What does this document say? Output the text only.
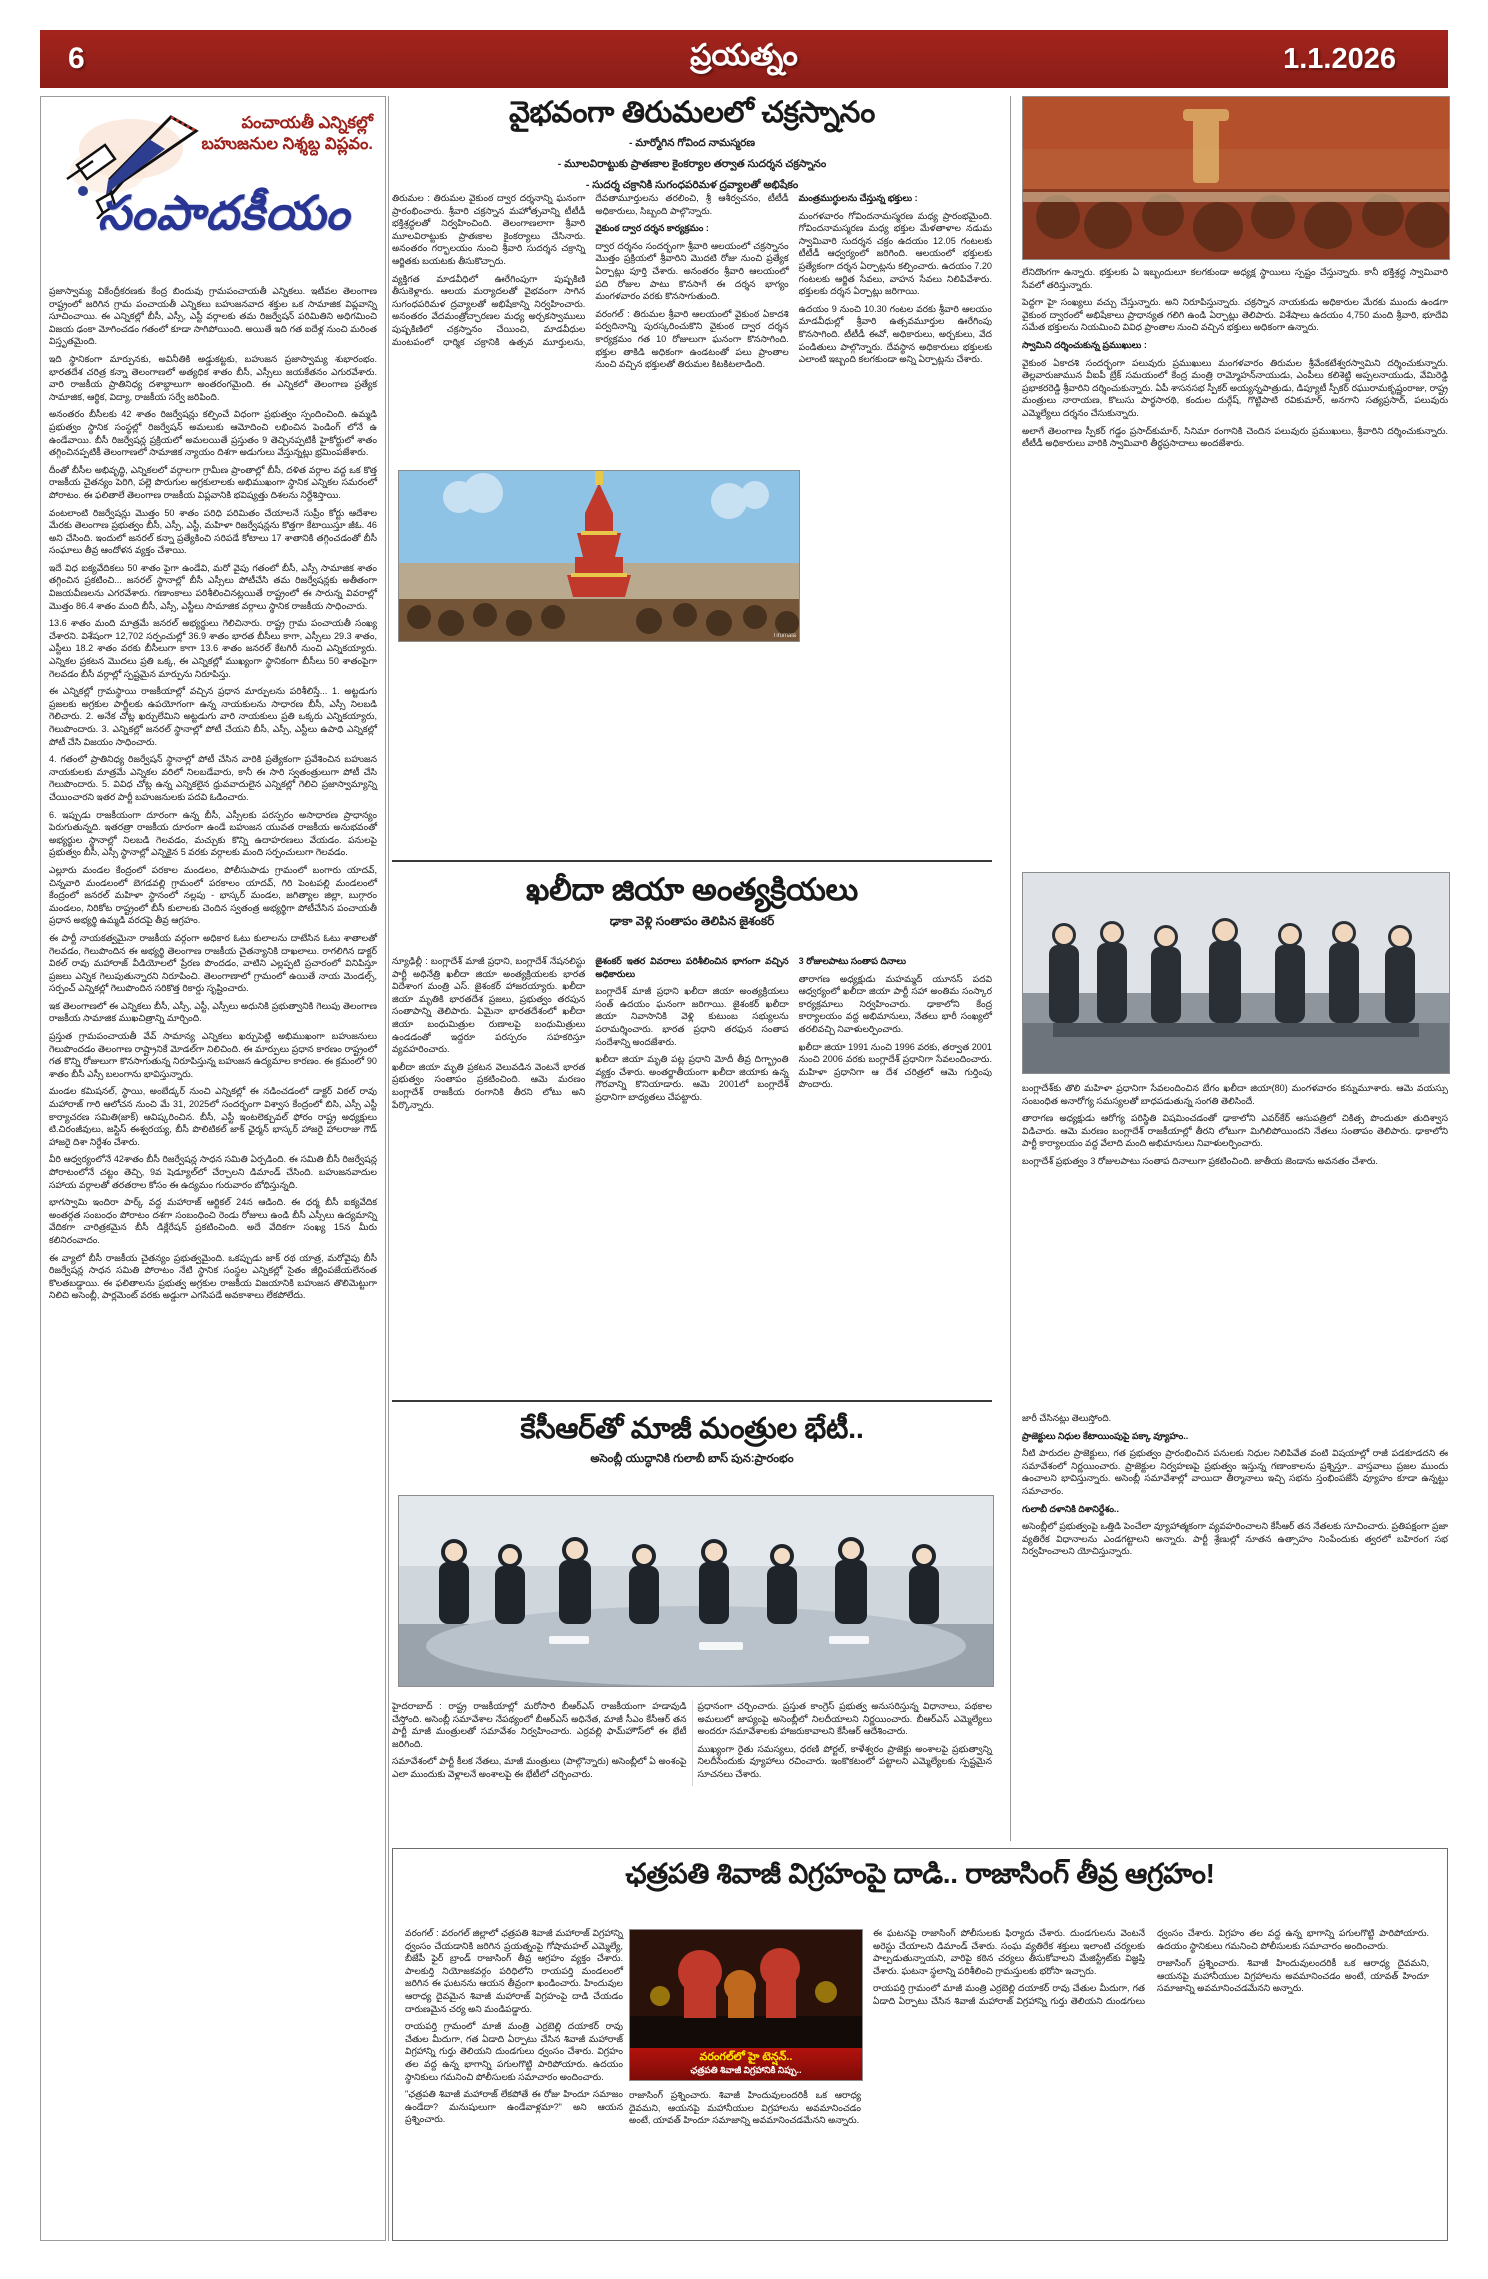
6	ప్రయత్నం	1.1.2026
పంచాయతీ ఎన్నికల్లో
బహుజనుల నిశ్శబ్ద విప్లవం.
సంపాదకీయం

ప్రజాస్వామ్య వికేంద్రీకరణకు కేంద్ర బిందువు గ్రామపంచాయతీ ఎన్నికలు. ఇటీవల తెలంగాణ రాష్ట్రంలో జరిగిన గ్రామ పంచాయతీ ఎన్నికలు బహుజనవాద శక్తుల ఒక సామాజిక విప్లవాన్ని సూచించాయి. ఈ ఎన్నికల్లో బీసీ, ఎస్సీ, ఎస్టీ వర్గాలకు తమ రిజర్వేషన్ పరిమితిని అధిగమించి విజయ ఢంకా మోగించడం గతంలో కూడా సాగిపోయింది. అయితే ఇది గత ఐదేళ్ల నుంచి మరింత విస్తృతమైంది.

ఇది స్థానికంగా మార్పునకు, అవినీతికి అడ్డుకట్టకు, బహుజన ప్రజాస్వామ్య శుభారంభం. భారతదేశ చరిత్ర కన్నా తెలంగాణలో అత్యధిక శాతం బీసీ, ఎస్సీలు జయకేతనం ఎగురవేశారు. వారి రాజకీయ ప్రాతినిధ్య దశాబ్దాలుగా అంతరంగమైంది. ఈ ఎన్నికలో తెలంగాణ ప్రత్యేక సామాజిక, ఆర్థిక, విద్యా, రాజకీయ సర్వే జరిపింది.

అనంతరం బీసీలకు 42 శాతం రిజర్వేషన్లు కల్పించే విధంగా ప్రభుత్వం స్పందించింది. ఉమ్మడి ప్రభుత్వం స్థానిక సంస్థల్లో రిజర్వేషన్ అమలుకు ఆమోదించి లభించిన పెండింగ్ లోనే ఉ ఉండేవాయి. బీసీ రిజర్వేషన్ల ప్రక్రియలో అమలయితే ప్రస్తుతం 9 తెచ్చినప్పటికీ హైకోర్టులో శాతం తగ్గించినప్పటికీ తెలంగాణలో సామాజిక న్యాయం దిశగా అడుగులు వేస్తున్నట్లు భ్రమింపజేశారు.

దీంతో బీసీల అభివృద్ధి, ఎన్నికలలో వర్గాలగా గ్రామీణ ప్రాంతాల్లో బీసీ, దళిత వర్గాల వద్ద ఒక కొత్త రాజకీయ చైతన్యం పెరిగి, పల్లె పొరుగుల అగ్రకులాలకు అభిముఖంగా స్థానిక ఎన్నికల సమరంలో పోరాటం. ఈ ఫలితాలే తెలంగాణ రాజకీయ విప్లవానికి భవిష్యత్తు దిశలను నిర్దేశిస్తాయి.

వంటలాంటి రిజర్వేషన్లు మొత్తం 50 శాతం పరిధి పరిమితం చేయాలనే సుప్రీం కోర్టు ఆదేశాల మేరకు తెలంగాణ ప్రభుత్వం బీసీ, ఎస్సీ, ఎస్టీ, మహిళా రిజర్వేషన్లను కొత్తగా కేటాయిస్తూ జీఓ. 46 అని చేసింది. ఇందులో జనరల్ కన్నా ప్రత్యేకించి సరిపడే కోటాలు 17 శాతానికి తగ్గించడంతో బీసీ సంఘాలు తీవ్ర ఆందోళన వ్యక్తం చేశాయి.

ఇదే విధ ఐక్యవేదికలు 50 శాతం పైగా ఉండేవి, మరో వైపు గతంలో బీసీ, ఎస్సీ సామాజిక శాతం తగ్గించిన ప్రకటించి... జనరల్ స్థానాల్లో బీసీ ఎస్సీలు పోటీచేసి తమ రిజర్వేషన్లకు అతీతంగా విజయవీణలను ఎగరవేశారు. గణాంకాలు పరిశీలించినట్లయితే రాష్ట్రంలో ఈ సారున్న వివరాల్లో మొత్తం 86.4 శాతం మంది బీసీ, ఎస్సీ, ఎస్టీలు సామాజిక వర్గాలు స్థానిక రాజకీయ సాధించారు.

13.6 శాతం మంది మాత్రమే జనరల్ అభ్యర్థులు గెలిచినారు. రాష్ట్ర గ్రామ పంచాయతీ సంఖ్య చేశారని. విశేషంగా 12,702 సర్పంచుల్లో 36.9 శాతం భారత బీసీలు కాగా, ఎస్సీలు 29.3 శాతం, ఎస్టీలు 18.2 శాతం వరకు బీసీలుగా కాగా 13.6 శాతం జనరల్ కేటగిరీ నుంచి ఎన్నికయ్యారు. ఎన్నికల ప్రకటన మొదలు ప్రతి ఒక్క, ఈ ఎన్నికల్లో ముఖ్యంగా స్థానికంగా బీసీలు 50 శాతంపైగా గెలవడం బీసీ వర్గాల్లో స్పష్టమైన మార్పును నిరూపిస్తు.

ఈ ఎన్నికల్లో గ్రామస్థాయి రాజకీయాల్లో వచ్చిన ప్రధాన మార్పులను పరిశీలిస్తే... 1. అట్టడుగు ప్రజలకు అగ్రకుల పార్టీలకు ఉపయోగంగా ఉన్న నాయకులను సాధారణ బీసీ, ఎస్సీ నిలబడి గెలిచారు. 2. అనేక చోట్ల ఖర్చులేమిని అట్టడుగు వారి నాయకులు ప్రతి ఒక్కరు ఎన్నికయ్యారు, గెలుపొందారు. 3. ఎన్నికల్లో జనరల్ స్థానాల్లో పోటీ చేయని బీసీ, ఎస్సీ, ఎస్టీలు ఉపాధి ఎన్నికల్లో పోటీ చేసి విజయం సాధించారు.

4. గతంలో ప్రాతినిధ్య రిజర్వేషన్ స్థానాల్లో పోటీ చేసిన వారికి ప్రత్యేకంగా ప్రవేశించిన బహుజన నాయకులకు మాత్రమే ఎన్నికల వరిలో నిలబడేవారు, కానీ ఈ సారి స్వతంత్రులుగా పోటీ చేసి గెలుపొందారు. 5. వివిధ చోట్ల ఉన్న ఎన్నికలైన ధ్రువవాదులైన ఎన్నికల్లో గెలిచి ప్రజాస్వామ్యాన్ని చేయించారని ఇతర పార్టీ బహుజనులకు పదవి ఓడించారు.

6. ఇప్పుడు రాజకీయంగా దూరంగా ఉన్న బీసీ, ఎస్సీలకు పరస్పరం అసాధారణ ప్రాధాన్యం పెరుగుతున్నది. ఇతరత్రా రాజకీయ దూరంగా ఉండే బహుజన యువత రాజకీయ అనుభవంతో అభ్యర్థుల స్థానాల్లో నిలబడి గెలవడం, మచ్చుకు కొన్ని ఉదాహరణలు వేయడం. పనులపై ప్రభుత్వం బీసీ, ఎస్సీ స్థానాల్లో ఎన్నికైన 5 వరకు వర్గాలకు మంది సర్పంచులుగా గెలవడం.

ఎల్లూరు మండల కేంద్రంలో పరకాల మండలం, పోలీసుపాడు గ్రామంలో బంగారు యాదవ్, చిన్నవారి మండలంలో బెగడవల్లి గ్రామంలో పరకాలం యాదవ్, గిరి పెంటపల్లి మండలంలో కేంద్రంలో జనరల్ మహిళా స్థానంలో నల్లపు - భాస్కర్ మండల, జగిత్యాల జిల్లా, బుగ్గారం మండలం, నిరికోట రాష్ట్రంలో బీసీ కులాలకు చెందిన స్వతంత్ర అభ్యర్థిగా పోటీచేసిన పంచాయతీ ప్రధాన అభ్యర్థి ఉమ్మడి వరదపై తీవ్ర ఆగ్రహం.

ఈ పార్టీ నాయకత్వమైనా రాజకీయ వర్గంగా అధికార ఓటు కులాలను దాటేసిన ఓటు శాతాలతో గెలవడం, గెలుపొందిన ఈ అభ్యర్థి తెలంగాణ రాజకీయ చైతన్యానికి దాఖలాలు. రాగలిగిన డాక్టర్ విఠల్ రావు మహారాజ్ వీడియోలలో ప్రేరణ పొందడం, వాటిని ఎల్లప్పటి ప్రచారంలో వినిపిస్తూ ప్రజలు ఎన్నిక గెలుపుతున్నారని నిరూపించి. తెలంగాణాలో గ్రామంలో ఉయితే నాయ మెండల్స్, సర్పంచ్ ఎన్నికల్లో గెలుపొందిన సరికొత్త రికార్డు సృష్టించారు.

ఇక తెలంగాణలో ఈ ఎన్నికలు బీసీ, ఎస్సీ, ఎస్టీ, ఎస్సీలు అధునికి ప్రభుత్వానికి గెలుపు తెలంగాణ రాజకీయ సామాజిక ముఖచిత్రాన్ని మార్చింది.

ప్రస్తుత గ్రామపంచాయతీ వేవ్ సామాన్య ఎన్నికలు ఖర్చుపెట్టి అభిముఖంగా బహుజనులు గెలుపొందడం తెలంగాణ రాష్ట్రానికే మోడల్‌గా నిలిచింది. ఈ మార్పులు ప్రధాన కారణం రాష్ట్రంలో గత కొన్ని రోజులుగా కొనసాగుతున్న నిరూపిస్తున్న బహుజన ఉద్యమాల కారణం. ఈ క్రమంలో 90 శాతం బీసీ ఎస్సీ బలంగాను భావిస్తున్నారు.

మండల కమిషనల్, స్థాయి, అంబేడ్కర్ నుంచి ఎన్నికల్లో ఈ నడించడంలో డాక్టర్ విఠల్ రావు మహారాజ్ గారి ఆలోచన నుంచి మే 31, 2025లో సందర్భంగా విశ్వాస కేంద్రంలో బిసి, ఎస్సీ ఎస్టీ కార్యాచరణ సమితి(జాక్) ఆవిష్కరించిన. బీసీ, ఎస్టీ ఇంటలెక్చువల్ ఫోరం రాష్ట్ర అధ్యక్షులు టి.చిరంజీవులు, జస్టిస్ ఈశ్వరయ్య, బీసీ పొలిటికల్ జాక్ ఛైర్మన్ భాస్కర్ హాజరై హాలరాజు గౌడ్ హాజరై దిశా నిర్దేశం చేశారు.

వీరి ఆధ్వర్యంలోనే 42శాతం బీసీ రిజర్వేషన్ల సాధన సమితి ఏర్పడింది. ఈ సమితి బీసీ రిజర్వేషన్ల పోరాటంలోనే చట్టం తెచ్చి, 9వ షెడ్యూల్‌లో చేర్చాలని డిమాండ్ చేసింది. బహుజనవాదుల సహాయ వర్గాలతో తరతరాల కోసం ఈ ఉద్యమం గురువారం బోధిస్తున్నది.

భాగస్వామి ఇందిరా పార్క్ వద్ద మహారాజ్ ఆర్టికల్ 24న ఆడింది. ఈ ధర్మ బీసీ ఐక్యవేదిక అంతర్గత సంబంధం పోరాటం దశగా సంబంధించి రెండు రోజులు ఉండి బీసీ ఎస్సీలు ఉద్యమాన్ని వేదికగా చారిత్రకమైన బీసీ డిక్లేరేషన్ ప్రకటించింది. అదే వేదికగా సంఖ్య 15న మీరు కలినిరంవాదం.

ఈ వ్యాలో బీసీ రాజకీయ చైతన్యం ప్రభుత్వమైంది. ఒకప్పుడు జాక్ రథ యాత్ర, మరోవైపు బీసీ రిజర్వేషన్ల సాధన సమితి పోరాటం నేటి స్థానిక సంస్థల ఎన్నికల్లో సైతం జీర్ణింపజేయలేనంత కొలతబడ్డాయి. ఈ ఫలితాలను ప్రభుత్వ అగ్రకుల రాజకీయ విజయానికి బహుజన తొలిమెట్టుగా నిలిచి అసెంబ్లీ, పార్లమెంట్ వరకు అడ్డుగా ఎగసిపడే అవకాశాలు లేకపోలేదు.

వైభవంగా తిరుమలలో చక్రస్నానం
- మార్మోగిన గోవింద నామస్మరణ
- మూలవిరాట్టుకు ప్రాతఃకాల కైంకర్యాల తర్వాత సుదర్శన చక్రస్నానం
- సుదర్శ చక్రానికి సుగంధపరిమళ ద్రవ్యాలతో అభిషేకం

తిరుమల : తిరుమల వైకుంఠ ద్వార దర్శనాన్ని ఘనంగా ప్రారంభించారు. శ్రీవారి చక్రస్నాన మహోత్సవాన్ని టీటీడీ భక్తిశ్రద్ధలతో నిర్వహించింది. తెలంగాణలాగా శ్రీవారి మూలవిరాట్టుకు ప్రాతఃకాల కైంకర్యాలు చేసినారు. అనంతరం గర్భాలయం నుంచి శ్రీవారి సుదర్శన చక్రాన్ని ఆర్జితకు బయటకు తీసుకొచ్చారు.

వ్యక్తిగత మాడవీధిలో ఊరేగింపుగా పుష్పకిణి తీసుకెళ్లారు. ఆలయ మర్యాదలతో వైభవంగా సాగిన సుగంధపరిమళ ద్రవ్యాలతో అభిషేకాన్ని నిర్వహించారు. అనంతరం వేదమంత్రోచ్ఛారణల మధ్య అర్చకస్వాములు పుష్పకిణిలో చక్రస్నానం చేయించి, మాడవీధుల మంటపంలో ధార్మిక చక్రానికి ఉత్సవ మూర్తులను, దేవతామూర్తులను తరలించి, శ్రీ ఆశీర్వచనం, టీటీడీ అధికారులు, సిబ్బంది పాల్గొన్నారు.

వైకుంఠ ద్వార దర్శన కార్యక్రమం :

ద్వార దర్శనం సందర్భంగా శ్రీవారి ఆలయంలో చక్రస్నానం మొత్తం ప్రక్రియలో శ్రీవారిని మొదటి రోజు నుంచి ప్రత్యేక ఏర్పాట్లు పూర్తి చేశారు. అనంతరం శ్రీవారి ఆలయంలో పది రోజుల పాటు కొనసాగే ఈ దర్శన భాగ్యం మంగళవారం వరకు కొనసాగుతుంది.

వరంగల్ : తిరుమల శ్రీవారి ఆలయంలో వైకుంఠ ఏకాదశి పర్వదినాన్ని పురస్కరించుకొని వైకుంఠ ద్వార దర్శన కార్యక్రమం గత 10 రోజులుగా ఘనంగా కొనసాగింది. భక్తుల తాకిడి అధికంగా ఉండటంతో పలు ప్రాంతాల నుంచి వచ్చిన భక్తులతో తిరుమల కిటకిటలాడింది.

మంత్రముగ్ధులను చేస్తున్న భక్తులు :

మంగళవారం గోవిందనామస్మరణ మధ్య ప్రారంభమైంది. గోవిందనామస్మరణ మధ్య భక్తుల మేళతాళాల నడుమ స్వామివారి సుదర్శన చక్రం ఉదయం 12.05 గంటలకు టీటీడీ ఆధ్వర్యంలో జరిగింది. ఆలయంలో భక్తులకు ప్రత్యేకంగా దర్శన ఏర్పాట్లను కల్పించారు. ఉదయం 7.20 గంటలకు ఆర్జిత సేవలు, వాహన సేవలు నిలిపివేశారు. భక్తులకు దర్శన ఏర్పాట్లు జరిగాయి.

ఉదయం 9 నుంచి 10.30 గంటల వరకు శ్రీవారి ఆలయం మాడవీధుల్లో శ్రీవారి ఉత్సవమూర్తుల ఊరేగింపు కొనసాగింది. టీటీడీ ఈవో, అధికారులు, అర్చకులు, వేద పండితులు పాల్గొన్నారు. దేవస్థాన అధికారులు భక్తులకు ఎలాంటి ఇబ్బంది కలగకుండా అన్ని ఏర్పాట్లను చేశారు.

లేనిదొంగగా ఉన్నారు. భక్తులకు ఏ ఇబ్బందులూ కలగకుండా అధ్యక్ష స్థాయిలు స్పష్టం చేస్తున్నారు. కానీ భక్తిశ్రద్ధ స్వామివారి సేవలో తరిస్తున్నారు.

పెద్దగా హై సంఖ్యలు వచ్చు చేస్తున్నారు. అని నిరూపిస్తున్నారు. చక్రస్నాన నాయకుడు అధికారుల మేరకు ముందు ఉండగా వైకుంఠ ద్వారంలో అభిషేకాలు ప్రాధాన్యత గలిగి ఉండి ఏర్పాట్లు తెలిపారు. విశేషాలు ఉదయం 4,750 మంది శ్రీవారి, భూదేవి సమేత భక్తులను నియమించి వివిధ ప్రాంతాల నుంచి వచ్చిన భక్తులు అధికంగా ఉన్నారు.

స్వామిని దర్శించుకున్న ప్రముఖులు :

వైకుంఠ ఏకాదశి సందర్భంగా పలువురు ప్రముఖులు మంగళవారం తిరుమల శ్రీవేంకటేశ్వరస్వామిని దర్శించుకున్నారు. తెల్లవారుజామున వీఐపీ బ్రేక్ సమయంలో కేంద్ర మంత్రి రామ్మోహన్‌నాయుడు, ఎంపీలు కలిశెట్టి అప్పలనాయుడు, వేమిరెడ్డి ప్రభాకరరెడ్డి శ్రీవారిని దర్శించుకున్నారు. ఏపీ శాసనసభ స్పీకర్ అయ్యన్నపాత్రుడు, డిప్యూటీ స్పీకర్ రఘురామకృష్ణంరాజు, రాష్ట్ర మంత్రులు నారాయణ, కొలుసు పార్థసారథి, కందుల దుర్గేష్, గొట్టిపాటి రవికుమార్, అనగాని సత్యప్రసాద్, పలువురు ఎమ్మెల్యేలు దర్శనం చేసుకున్నారు.

అలాగే తెలంగాణ స్పీకర్ గడ్డం ప్రసాద్‌కుమార్, సినిమా రంగానికి చెందిన పలువురు ప్రముఖులు, శ్రీవారిని దర్శించుకున్నారు. టీటీడీ అధికారులు వారికి స్వామివారి తీర్థప్రసాదాలు అందజేశారు.

Tirumala
ఖలీదా జియా అంత్యక్రియలు
ఢాకా వెళ్లి సంతాపం తెలిపిన జైశంకర్

న్యూఢిల్లీ : బంగ్లాదేశ్ మాజీ ప్రధాని, బంగ్లాదేశ్ నేషనలిస్టు పార్టీ అధినేత్రి ఖలీదా జియా అంత్యక్రియలకు భారత విదేశాంగ మంత్రి ఎస్. జైశంకర్ హాజరయ్యారు. ఖలీదా జియా మృతికి భారతదేశ ప్రజలు, ప్రభుత్వం తరపున సంతాపాన్ని తెలిపారు. ఏమైనా భారతదేశంలో ఖలీదా జియా బంధుమిత్రుల రుణాలపై బంధుమిత్రులు ఉండడంతో ఇద్దరూ పరస్పరం సహకరిస్తూ వ్యవహరించారు.

ఖలీదా జియా మృతి ప్రకటన వెలువడిన వెంటనే భారత ప్రభుత్వం సంతాపం ప్రకటించింది. ఆమె మరణం బంగ్లాదేశ్ రాజకీయ రంగానికి తీరని లోటు అని పేర్కొన్నారు.

జైశంకర్ ఇతర వివరాలు పరిశీలించిన భాగంగా వచ్చిన అధికారులు

బంగ్లాదేశ్ మాజీ ప్రధాని ఖలీదా జియా అంత్యక్రియలు సంత్ ఉదయం ఘనంగా జరిగాయి. జైశంకర్ ఖలీదా జియా నివాసానికి వెళ్లి కుటుంబ సభ్యులను పరామర్శించారు. భారత ప్రధాని తరఫున సంతాప సందేశాన్ని అందజేశారు.

ఖలీదా జియా మృతి పట్ల ప్రధాని మోదీ తీవ్ర దిగ్భ్రాంతి వ్యక్తం చేశారు. అంతర్జాతీయంగా ఖలీదా జియాకు ఉన్న గౌరవాన్ని కొనియాడారు. ఆమె 2001లో బంగ్లాదేశ్ ప్రధానిగా బాధ్యతలు చేపట్టారు.

3 రోజులపాటు సంతాప దినాలు

తారాగణ అధ్యక్షుడు మహమ్మద్ యూనస్ పదవి ఆధ్వర్యంలో ఖలీదా జియా పార్టీ సహా అంతిమ సంస్కార కార్యక్రమాలు నిర్వహించారు. ఢాకాలోని కేంద్ర కార్యాలయం వద్ద అభిమానులు, నేతలు భారీ సంఖ్యలో తరలివచ్చి నివాళులర్పించారు.

ఖలీదా జియా 1991 నుంచి 1996 వరకు, తర్వాత 2001 నుంచి 2006 వరకు బంగ్లాదేశ్ ప్రధానిగా సేవలందించారు. మహిళా ప్రధానిగా ఆ దేశ చరిత్రలో ఆమె గుర్తింపు పొందారు.	బంగ్లాదేశ్‌కు తొలి మహిళా ప్రధానిగా సేవలందించిన బేగం ఖలీదా జియా(80) మంగళవారం కన్నుమూశారు. ఆమె వయస్సు సంబంధిత అనారోగ్య సమస్యలతో బాధపడుతున్న సంగతి తెలిసిందే.

తారాగణ అధ్యక్షుడు ఆరోగ్య పరిస్థితి విషమించడంతో ఢాకాలోని ఎవర్‌కేర్ ఆసుపత్రిలో చికిత్స పొందుతూ తుదిశ్వాస విడిచారు. ఆమె మరణం బంగ్లాదేశ్ రాజకీయాల్లో తీరని లోటుగా మిగిలిపోయిందని నేతలు సంతాపం తెలిపారు. ఢాకాలోని పార్టీ కార్యాలయం వద్ద వేలాది మంది అభిమానులు నివాళులర్పించారు.

బంగ్లాదేశ్ ప్రభుత్వం 3 రోజులపాటు సంతాప దినాలుగా ప్రకటించింది. జాతీయ జెండాను అవనతం చేశారు.

కేసీఆర్‌తో మాజీ మంత్రుల భేటీ..
అసెంబ్లీ యుద్ధానికి గులాబీ బాస్ పున:ప్రారంభం

హైదరాబాద్ : రాష్ట్ర రాజకీయాల్లో మరోసారి బీఆర్ఎస్ రాజకీయంగా హడావుడి చేస్తోంది. అసెంబ్లీ సమావేశాల నేపథ్యంలో బీఆర్ఎస్ అధినేత, మాజీ సీఎం కేసీఆర్ తన పార్టీ మాజీ మంత్రులతో సమావేశం నిర్వహించారు. ఎర్రవల్లి ఫామ్‌హౌస్‌లో ఈ భేటీ జరిగింది.

సమావేశంలో పార్టీ కీలక నేతలు, మాజీ మంత్రులు (పాల్గొన్నారు) అసెంబ్లీలో ఏ అంశంపై ఎలా ముందుకు వెళ్లాలనే అంశాలపై ఈ భేటీలో చర్చించారు.

ప్రధానంగా చర్చించారు. ప్రస్తుత కాంగ్రెస్ ప్రభుత్వ అనుసరిస్తున్న విధానాలు, పథకాల అమలులో జాప్యంపై అసెంబ్లీలో నిలదీయాలని నిర్ణయించారు. బీఆర్ఎస్ ఎమ్మెల్యేలు అందరూ సమావేశాలకు హాజరుకావాలని కేసీఆర్ ఆదేశించారు.

ముఖ్యంగా రైతు సమస్యలు, ధరణి పోర్టల్, కాళేశ్వరం ప్రాజెక్టు అంశాలపై ప్రభుత్వాన్ని నిలదీసేందుకు వ్యూహాలు రచించారు. ఇంకొకటంలో పట్టాలని ఎమ్మెల్యేలకు స్పష్టమైన సూచనలు చేశారు.

జారీ చేసినట్లు తెలుస్తోంది.

ప్రాజెక్టులు నిధుల కేటాయింపుపై పక్కా వ్యూహం..

నీటి పారుదల ప్రాజెక్టులు, గత ప్రభుత్వం ప్రారంభించిన పనులకు నిధుల నిలిపివేత వంటి విషయాల్లో రాజీ పడకూడదని ఈ సమావేశంలో నిర్ణయించారు. ప్రాజెక్టుల నిర్వహణపై ప్రభుత్వం ఇస్తున్న గణాంకాలను ప్రశ్నిస్తూ.. వాస్తవాలు ప్రజల ముందు ఉంచాలని భావిస్తున్నారు. అసెంబ్లీ సమావేశాల్లో వాయిదా తీర్మానాలు ఇచ్చి సభను స్తంభింపజేసే వ్యూహం కూడా ఉన్నట్టు సమాచారం.

గులాబీ దళానికి దిశానిర్దేశం..

అసెంబ్లీలో ప్రభుత్వంపై ఒత్తిడి పెంచేలా వ్యూహాత్మకంగా వ్యవహరించాలని కేసీఆర్ తన నేతలకు సూచించారు. ప్రతిపక్షంగా ప్రజా వ్యతిరేక విధానాలను ఎండగట్టాలని అన్నారు. పార్టీ శ్రేణుల్లో నూతన ఉత్సాహం నింపేందుకు త్వరలో బహిరంగ సభ నిర్వహించాలని యోచిస్తున్నారు.

ఛత్రపతి శివాజీ విగ్రహంపై దాడి.. రాజాసింగ్ తీవ్ర ఆగ్రహం!
వరంగల్‌లో హై టెన్షన్..
ఛత్రపతి శివాజీ విగ్రహానికి నిప్పు..

వరంగల్ : వరంగల్ జిల్లాలో ఛత్రపతి శివాజీ మహారాజ్ విగ్రహాన్ని ధ్వంసం చేయడానికి జరిగిన ప్రయత్నంపై గోషామహల్ ఎమ్మెల్యే, బీజేపీ ఫైర్ బ్రాండ్ రాజాసింగ్ తీవ్ర ఆగ్రహం వ్యక్తం చేశారు. పాలకుర్తి నియోజకవర్గం పరిధిలోని రాయపర్తి మండలంలో జరిగిన ఈ ఘటనను ఆయన తీవ్రంగా ఖండించారు. హిందువుల ఆరాధ్య దైవమైన శివాజీ మహారాజ్ విగ్రహంపై దాడి చేయడం దారుణమైన చర్య అని మండిపడ్డారు.

రాయపర్తి గ్రామంలో మాజీ మంత్రి ఎర్రబెల్లి దయాకర్ రావు చేతుల మీదుగా, గత ఏడాది ఏర్పాటు చేసిన శివాజీ మహారాజ్ విగ్రహాన్ని గుర్తు తెలియని దుండగులు ధ్వంసం చేశారు. విగ్రహం తల వద్ద ఉన్న భాగాన్ని పగులగొట్టి పారిపోయారు. ఉదయం స్థానికులు గమనించి పోలీసులకు సమాచారం అందించారు.

"ఛత్రపతి శివాజీ మహారాజ్ లేకపోతే ఈ రోజు హిందూ సమాజం ఉండేదా? మనుషులుగా ఉండేవాళ్లమా?" అని ఆయన ప్రశ్నించారు.

రాజాసింగ్ ప్రశ్నించారు. శివాజీ హిందువులందరికీ ఒక ఆరాధ్య దైవమని, ఆయనపై మహానీయుల విగ్రహాలను అవమానించడం అంటే, యావత్ హిందూ సమాజాన్ని అవమానించడమేనని అన్నారు.

ఈ ఘటనపై రాజాసింగ్ పోలీసులకు ఫిర్యాదు చేశారు. దుండగులను వెంటనే అరెస్టు చేయాలని డిమాండ్ చేశారు. సంఘ వ్యతిరేక శక్తులు ఇలాంటి చర్యలకు పాల్పడుతున్నాయని, వారిపై కఠిన చర్యలు తీసుకోవాలని మేజిస్ట్రేట్‌కు విజ్ఞప్తి చేశారు. ఘటనా స్థలాన్ని పరిశీలించి గ్రామస్తులకు భరోసా ఇచ్చారు.

రాయపర్తి గ్రామంలో మాజీ మంత్రి ఎర్రబెల్లి దయాకర్ రావు చేతుల మీదుగా, గత ఏడాది ఏర్పాటు చేసిన శివాజీ మహారాజ్ విగ్రహాన్ని గుర్తు తెలియని దుండగులు ధ్వంసం చేశారు. విగ్రహం తల వద్ద ఉన్న భాగాన్ని పగులగొట్టి పారిపోయారు. ఉదయం స్థానికులు గమనించి పోలీసులకు సమాచారం అందించారు.

రాజాసింగ్ ప్రశ్నించారు. శివాజీ హిందువులందరికీ ఒక ఆరాధ్య దైవమని, ఆయనపై మహానీయుల విగ్రహాలను అవమానించడం అంటే, యావత్ హిందూ సమాజాన్ని అవమానించడమేనని అన్నారు.
